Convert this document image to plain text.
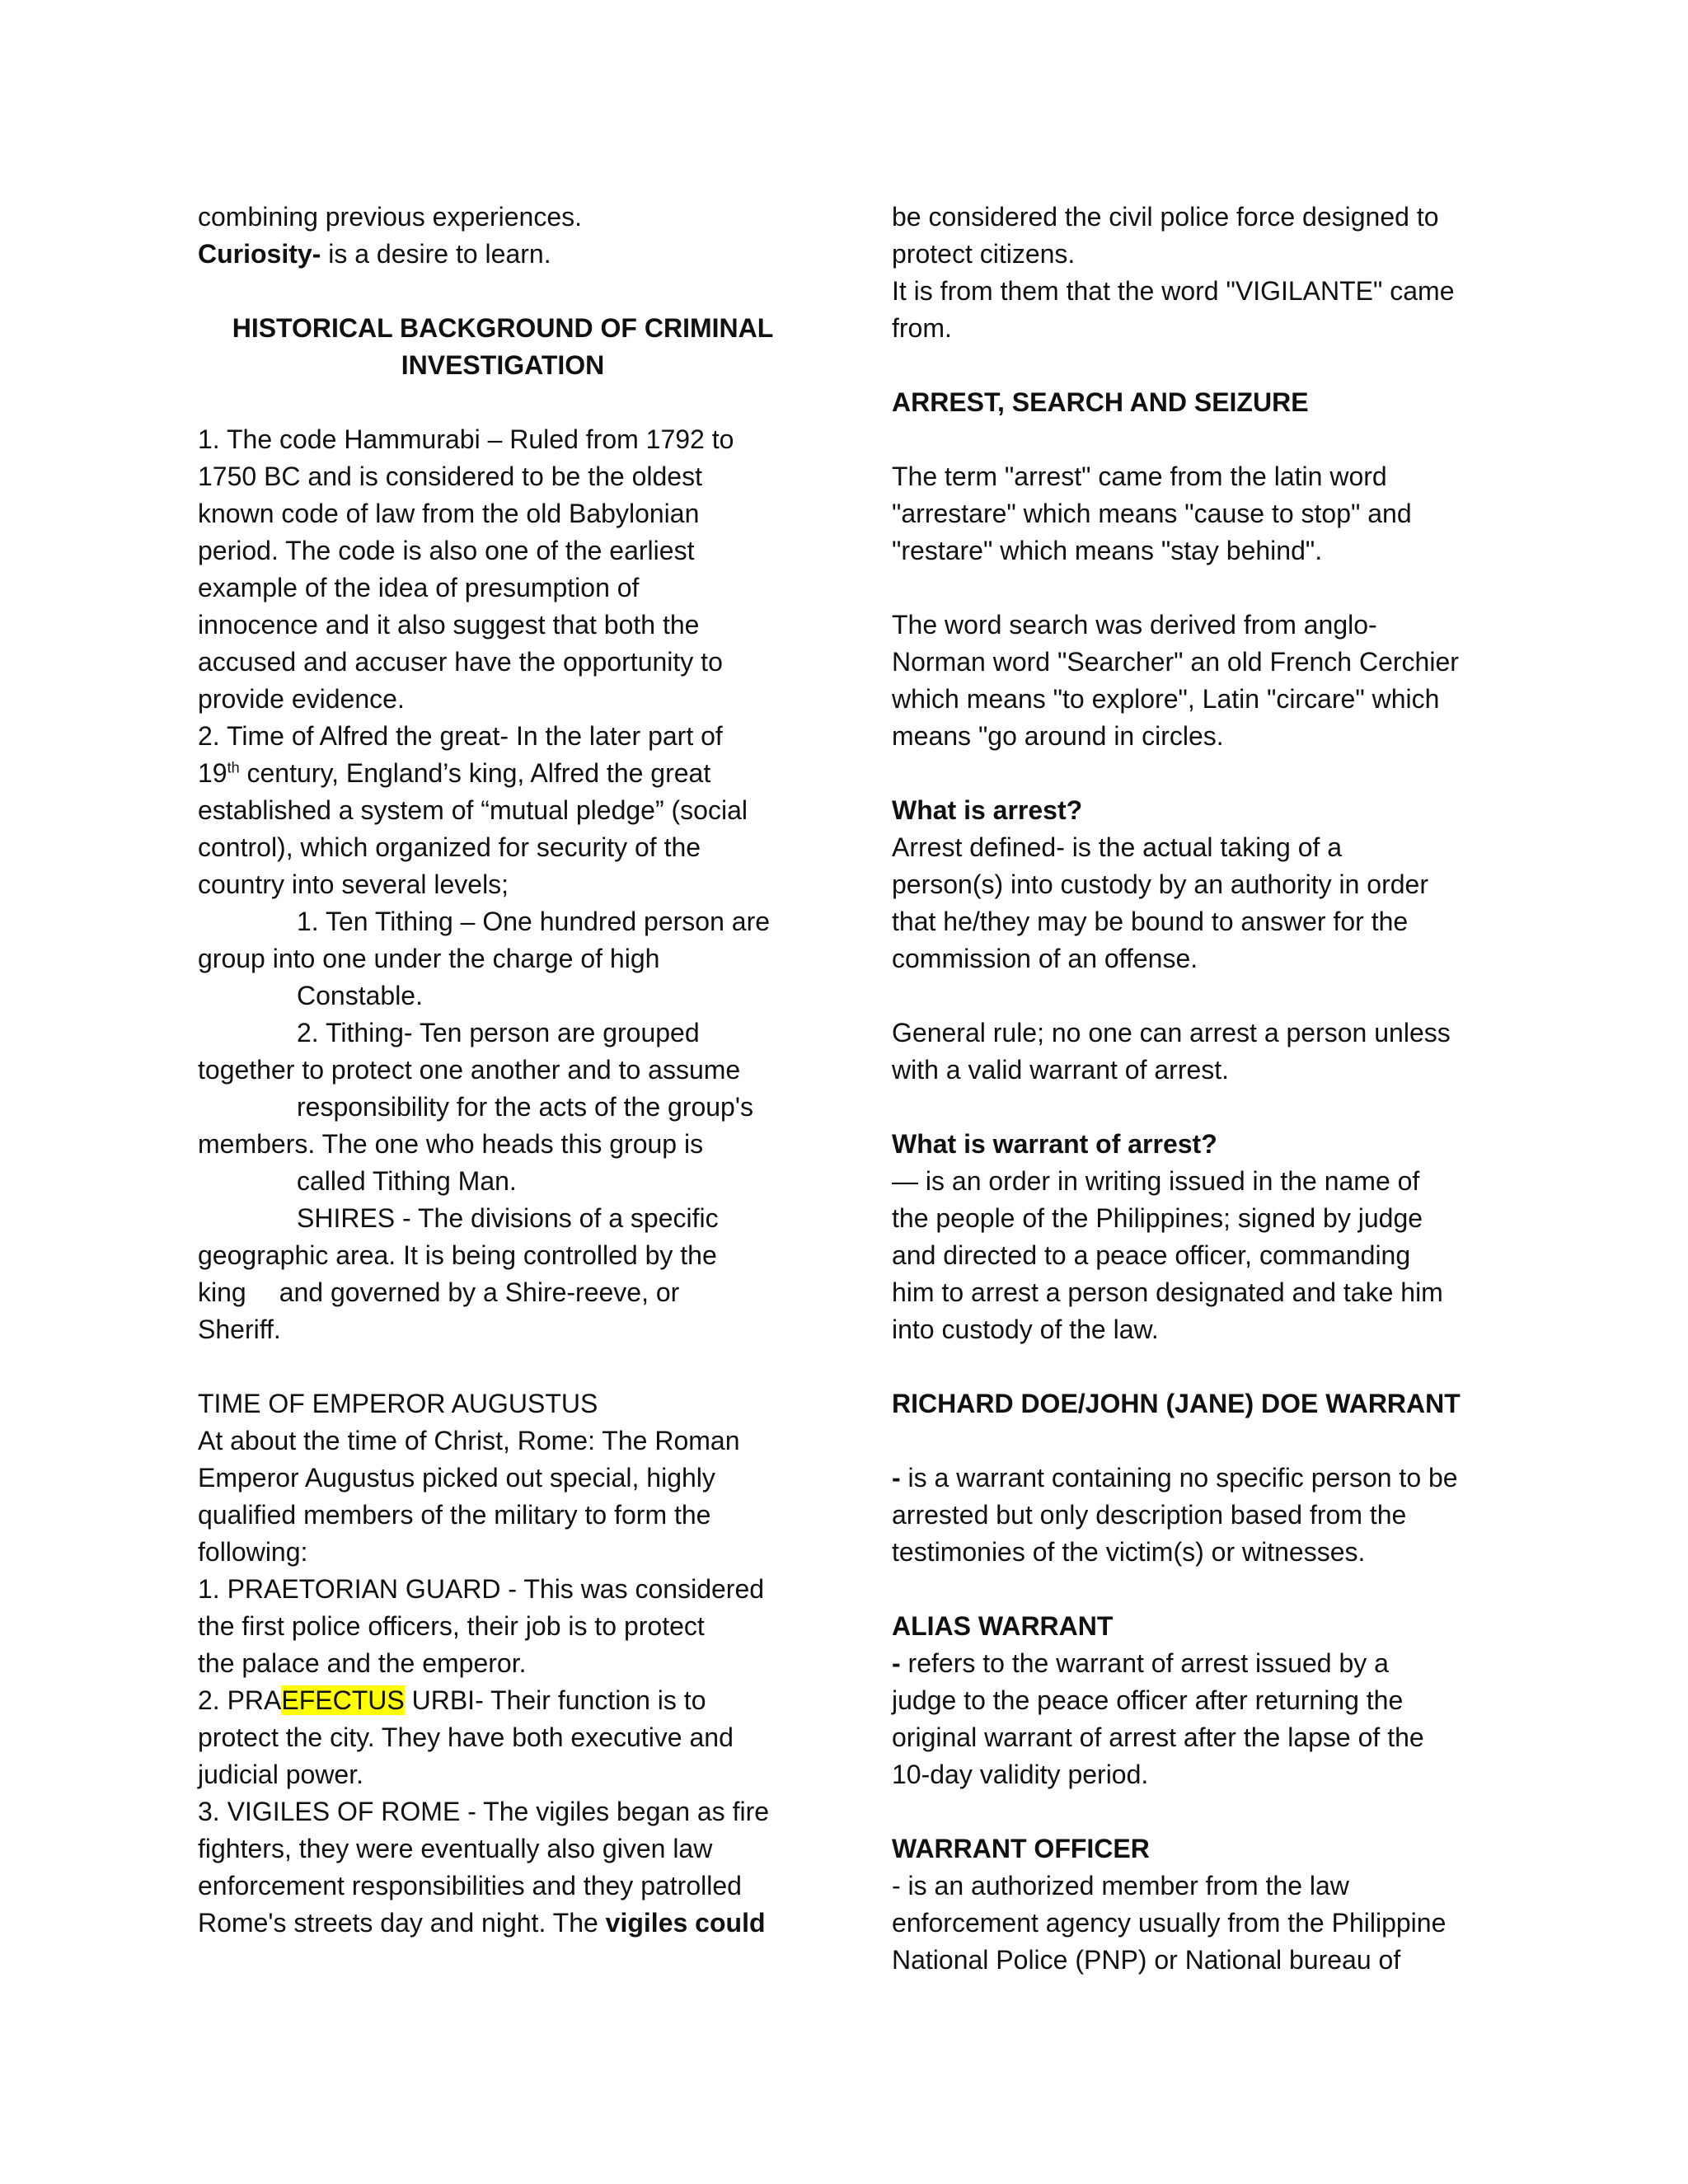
combining previous experiences.

Curiosity- is a desire to learn.

HISTORICAL BACKGROUND OF CRIMINAL

INVESTIGATION

1. The code Hammurabi – Ruled from 1792 to

1750 BC and is considered to be the oldest

known code of law from the old Babylonian

period. The code is also one of the earliest

example of the idea of presumption of

innocence and it also suggest that both the

accused and accuser have the opportunity to

provide evidence.

2. Time of Alfred the great- In the later part of

19th century, England’s king, Alfred the great

established a system of “mutual pledge” (social

control), which organized for security of the

country into several levels;

1. Ten Tithing – One hundred person are

group into one under the charge of high

Constable.

2. Tithing- Ten person are grouped

together to protect one another and to assume

responsibility for the acts of the group's

members. The one who heads this group is

called Tithing Man.

SHIRES - The divisions of a specific

geographic area. It is being controlled by the

king and governed by a Shire-reeve, or

Sheriff.

TIME OF EMPEROR AUGUSTUS

At about the time of Christ, Rome: The Roman

Emperor Augustus picked out special, highly

qualified members of the military to form the

following:

1. PRAETORIAN GUARD - This was considered

the first police officers, their job is to protect

the palace and the emperor.

2. PRAEFECTUS URBI- Their function is to

protect the city. They have both executive and

judicial power.

3. VIGILES OF ROME - The vigiles began as fire

fighters, they were eventually also given law

enforcement responsibilities and they patrolled

Rome's streets day and night. The vigiles could

be considered the civil police force designed to

protect citizens.

It is from them that the word "VIGILANTE" came

from.

ARREST, SEARCH AND SEIZURE

The term "arrest" came from the latin word

"arrestare" which means "cause to stop" and

"restare" which means "stay behind".

The word search was derived from anglo-

Norman word "Searcher" an old French Cerchier

which means "to explore", Latin "circare" which

means "go around in circles.

What is arrest?

Arrest defined- is the actual taking of a

person(s) into custody by an authority in order

that he/they may be bound to answer for the

commission of an offense.

General rule; no one can arrest a person unless

with a valid warrant of arrest.

What is warrant of arrest?

— is an order in writing issued in the name of

the people of the Philippines; signed by judge

and directed to a peace officer, commanding

him to arrest a person designated and take him

into custody of the law.

RICHARD DOE/JOHN (JANE) DOE WARRANT

- is a warrant containing no specific person to be

arrested but only description based from the

testimonies of the victim(s) or witnesses.

ALIAS WARRANT

- refers to the warrant of arrest issued by a

judge to the peace officer after returning the

original warrant of arrest after the lapse of the

10-day validity period.

WARRANT OFFICER

- is an authorized member from the law

enforcement agency usually from the Philippine

National Police (PNP) or National bureau of
